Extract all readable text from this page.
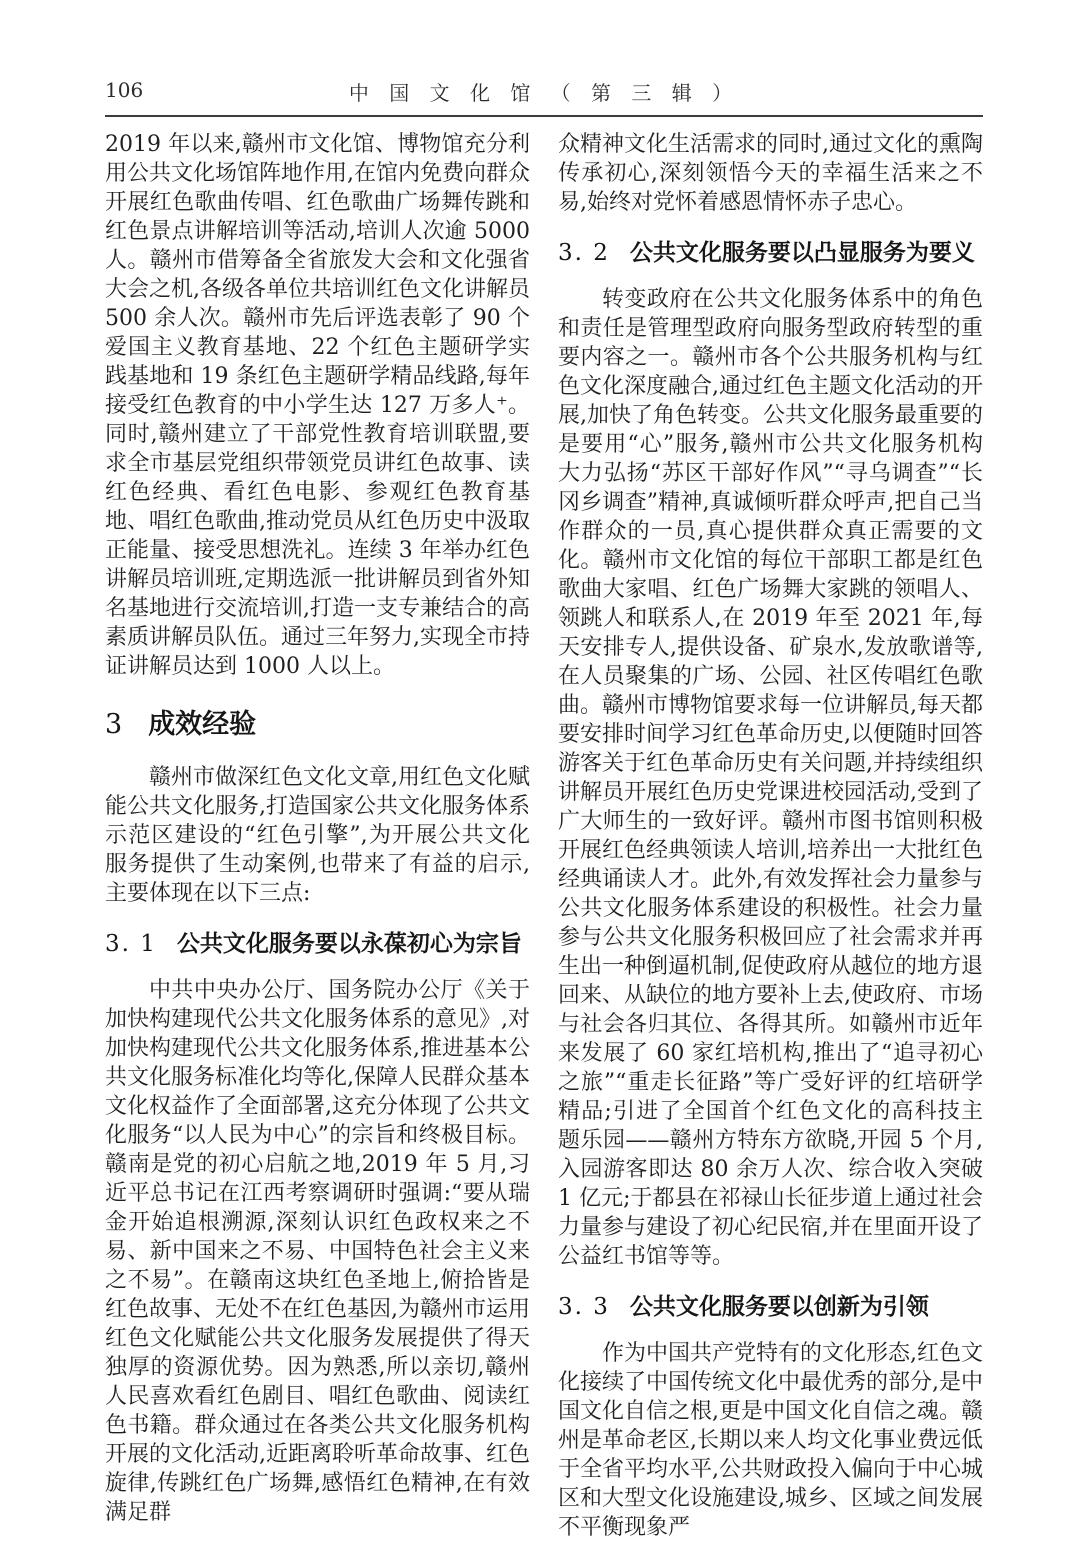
106	中 国 文 化 馆 （ 第 三 辑 ）

2019 年以来,赣州市文化馆、博物馆充分利用公共文化场馆阵地作用,在馆内免费向群众开展红色歌曲传唱、红色歌曲广场舞传跳和红色景点讲解培训等活动,培训人次逾 5000 人。赣州市借筹备全省旅发大会和文化强省大会之机,各级各单位共培训红色文化讲解员 500 余人次。赣州市先后评选表彰了 90 个爱国主义教育基地、22 个红色主题研学实践基地和 19 条红色主题研学精品线路,每年接受红色教育的中小学生达 127 万多人⁺。同时,赣州建立了干部党性教育培训联盟,要求全市基层党组织带领党员讲红色故事、读红色经典、看红色电影、参观红色教育基地、唱红色歌曲,推动党员从红色历史中汲取正能量、接受思想洗礼。连续 3 年举办红色讲解员培训班,定期选派一批讲解员到省外知名基地进行交流培训,打造一支专兼结合的高素质讲解员队伍。通过三年努力,实现全市持证讲解员达到 1000 人以上。

3 成效经验

赣州市做深红色文化文章,用红色文化赋能公共文化服务,打造国家公共文化服务体系示范区建设的“红色引擎”,为开展公共文化服务提供了生动案例,也带来了有益的启示,主要体现在以下三点:

3. 1 公共文化服务要以永葆初心为宗旨

中共中央办公厅、国务院办公厅《关于加快构建现代公共文化服务体系的意见》,对加快构建现代公共文化服务体系,推进基本公共文化服务标准化均等化,保障人民群众基本文化权益作了全面部署,这充分体现了公共文化服务“以人民为中心”的宗旨和终极目标。赣南是党的初心启航之地,2019 年 5 月,习近平总书记在江西考察调研时强调:“要从瑞金开始追根溯源,深刻认识红色政权来之不易、新中国来之不易、中国特色社会主义来之不易”。在赣南这块红色圣地上,俯拾皆是红色故事、无处不在红色基因,为赣州市运用红色文化赋能公共文化服务发展提供了得天独厚的资源优势。因为熟悉,所以亲切,赣州人民喜欢看红色剧目、唱红色歌曲、阅读红色书籍。群众通过在各类公共文化服务机构开展的文化活动,近距离聆听革命故事、红色旋律,传跳红色广场舞,感悟红色精神,在有效满足群

众精神文化生活需求的同时,通过文化的熏陶传承初心,深刻领悟今天的幸福生活来之不易,始终对党怀着感恩情怀赤子忠心。

3. 2 公共文化服务要以凸显服务为要义

转变政府在公共文化服务体系中的角色和责任是管理型政府向服务型政府转型的重要内容之一。赣州市各个公共服务机构与红色文化深度融合,通过红色主题文化活动的开展,加快了角色转变。公共文化服务最重要的是要用“心”服务,赣州市公共文化服务机构大力弘扬“苏区干部好作风”“寻乌调查”“长冈乡调查”精神,真诚倾听群众呼声,把自己当作群众的一员,真心提供群众真正需要的文化。赣州市文化馆的每位干部职工都是红色歌曲大家唱、红色广场舞大家跳的领唱人、领跳人和联系人,在 2019 年至 2021 年,每天安排专人,提供设备、矿泉水,发放歌谱等,在人员聚集的广场、公园、社区传唱红色歌曲。赣州市博物馆要求每一位讲解员,每天都要安排时间学习红色革命历史,以便随时回答游客关于红色革命历史有关问题,并持续组织讲解员开展红色历史党课进校园活动,受到了广大师生的一致好评。赣州市图书馆则积极开展红色经典领读人培训,培养出一大批红色经典诵读人才。此外,有效发挥社会力量参与公共文化服务体系建设的积极性。社会力量参与公共文化服务积极回应了社会需求并再生出一种倒逼机制,促使政府从越位的地方退回来、从缺位的地方要补上去,使政府、市场与社会各归其位、各得其所。如赣州市近年来发展了 60 家红培机构,推出了“追寻初心之旅”“重走长征路”等广受好评的红培研学精品;引进了全国首个红色文化的高科技主题乐园——赣州方特东方欲晓,开园 5 个月,入园游客即达 80 余万人次、综合收入突破 1 亿元;于都县在祁禄山长征步道上通过社会力量参与建设了初心纪民宿,并在里面开设了公益红书馆等等。

3. 3 公共文化服务要以创新为引领

作为中国共产党特有的文化形态,红色文化接续了中国传统文化中最优秀的部分,是中国文化自信之根,更是中国文化自信之魂。赣州是革命老区,长期以来人均文化事业费远低于全省平均水平,公共财政投入偏向于中心城区和大型文化设施建设,城乡、区域之间发展不平衡现象严
